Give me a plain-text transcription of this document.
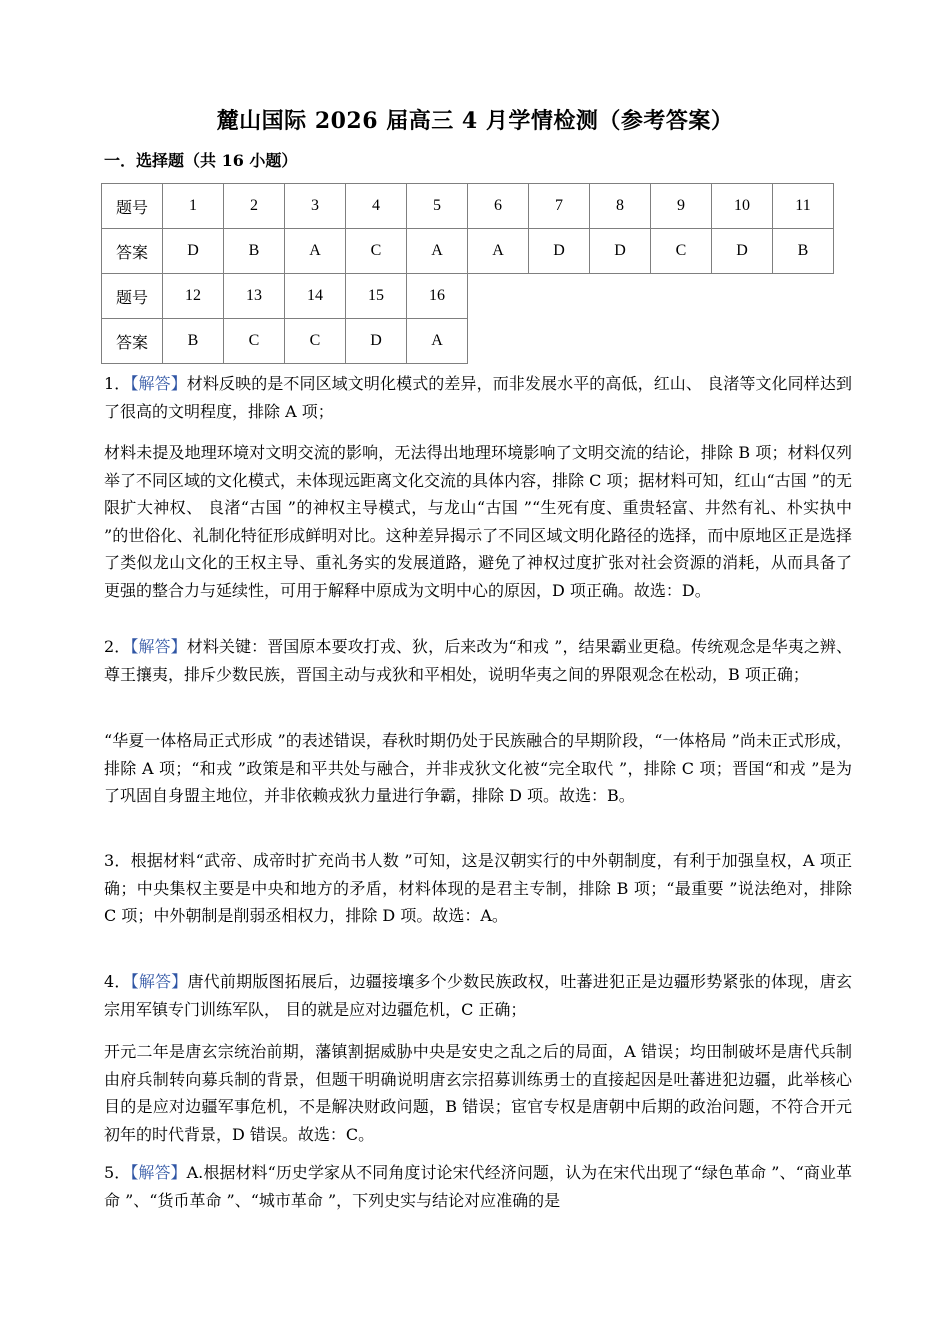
麓山国际 2026 届高三 4 月学情检测（参考答案）
一．选择题（共 16 小题）
题号	1	2	3	4	5	6	7	8	9	10	11
答案	D	B	A	C	A	A	D	D	C	D	B
题号	12	13	14	15	16						
答案	B	C	C	D	A						
1．【解答】材料反映的是不同区域文明化模式的差异，而非发展水平的高低，红山、 良渚等文化同样达到了很高的文明程度，排除 A 项；
材料未提及地理环境对文明交流的影响，无法得出地理环境影响了文明交流的结论，排除 B 项；材料仅列举了不同区域的文化模式，未体现远距离文化交流的具体内容，排除 C 项；据材料可知，红山“古国 ”的无限扩大神权、 良渚“古国 ”的神权主导模式，与龙山“古国 ”“生死有度、重贵轻富、井然有礼、朴实执中 ”的世俗化、礼制化特征形成鲜明对比。这种差异揭示了不同区域文明化路径的选择，而中原地区正是选择了类似龙山文化的王权主导、重礼务实的发展道路，避免了神权过度扩张对社会资源的消耗，从而具备了更强的整合力与延续性，可用于解释中原成为文明中心的原因，D 项正确。故选：D。
2．【解答】材料关键：晋国原本要攻打戎、狄，后来改为“和戎 ”，结果霸业更稳。传统观念是华夷之辨、尊王攘夷，排斥少数民族，晋国主动与戎狄和平相处，说明华夷之间的界限观念在松动，B 项正确；
“华夏一体格局正式形成 ”的表述错误，春秋时期仍处于民族融合的早期阶段，“一体格局 ”尚未正式形成，排除 A 项；“和戎 ”政策是和平共处与融合，并非戎狄文化被“完全取代 ”，排除 C 项；晋国“和戎 ”是为了巩固自身盟主地位，并非依赖戎狄力量进行争霸，排除 D 项。故选：B。
3．根据材料“武帝、成帝时扩充尚书人数 ”可知，这是汉朝实行的中外朝制度，有利于加强皇权，A 项正确；中央集权主要是中央和地方的矛盾，材料体现的是君主专制，排除 B 项；“最重要 ”说法绝对，排除 C 项；中外朝制是削弱丞相权力，排除 D 项。故选：A。
4．【解答】唐代前期版图拓展后，边疆接壤多个少数民族政权，吐蕃进犯正是边疆形势紧张的体现，唐玄宗用军镇专门训练军队， 目的就是应对边疆危机，C 正确；
开元二年是唐玄宗统治前期，藩镇割据威胁中央是安史之乱之后的局面，A 错误；均田制破坏是唐代兵制由府兵制转向募兵制的背景，但题干明确说明唐玄宗招募训练勇士的直接起因是吐蕃进犯边疆，此举核心目的是应对边疆军事危机，不是解决财政问题，B 错误；宦官专权是唐朝中后期的政治问题，不符合开元初年的时代背景，D 错误。故选：C。
5．【解答】A.根据材料“历史学家从不同角度讨论宋代经济问题，认为在宋代出现了“绿色革命 ”、“商业革命 ”、“货币革命 ”、“城市革命 ”，下列史实与结论对应准确的是
